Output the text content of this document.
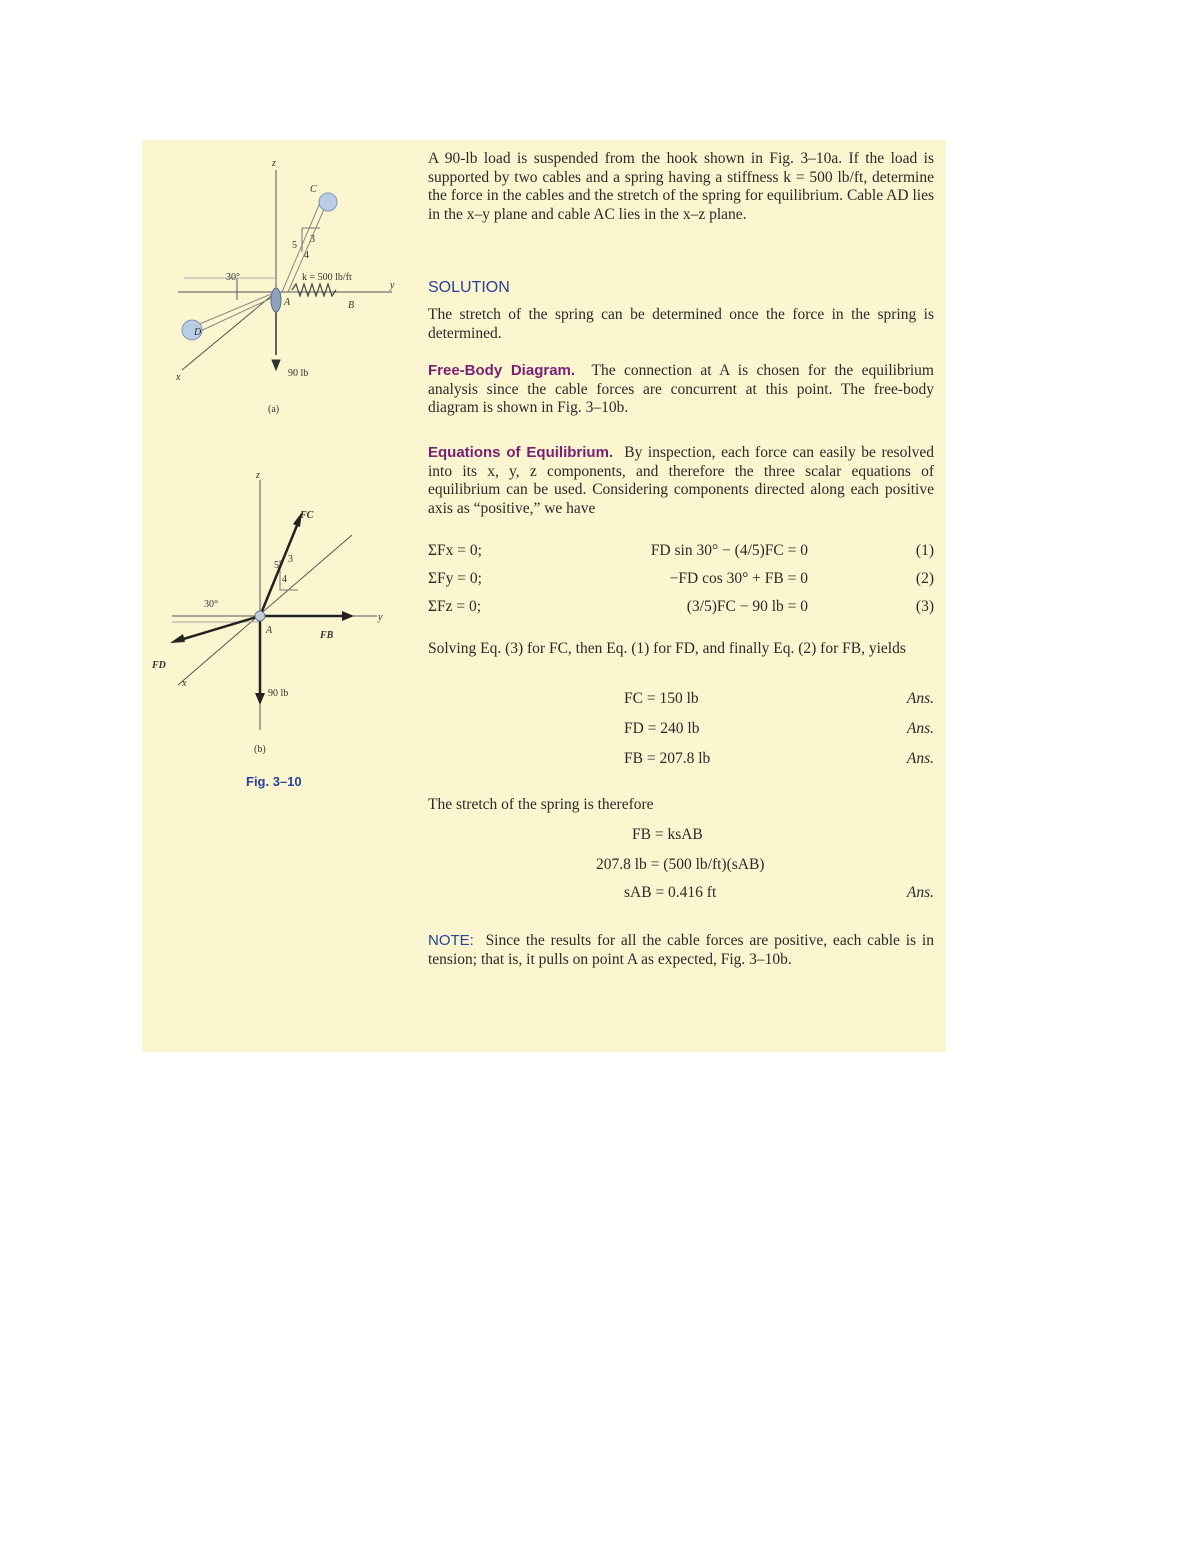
z
y
x
C
D
A	B
k = 500 lb/ft
30°
90 lb
5
3
4
(a)
z
y
x
FC
FB
FD
A
30°
90 lb
5
3
4
(b)
Fig. 3–10

A 90-lb load is suspended from the hook shown in Fig. 3–10a. If the load is supported by two cables and a spring having a stiffness k = 500 lb/ft, determine the force in the cables and the stretch of the spring for equilibrium. Cable AD lies in the x–y plane and cable AC lies in the x–z plane.

SOLUTION

The stretch of the spring can be determined once the force in the spring is determined.

Free-Body Diagram. The connection at A is chosen for the equilibrium analysis since the cable forces are concurrent at this point. The free-body diagram is shown in Fig. 3–10b.

Equations of Equilibrium. By inspection, each force can easily be resolved into its x, y, z components, and therefore the three scalar equations of equilibrium can be used. Considering components directed along each positive axis as “positive,” we have

ΣFx = 0;	FD sin 30° − (4/5)FC = 0	(1)
ΣFy = 0;	−FD cos 30° + FB = 0	(2)
ΣFz = 0;	(3/5)FC − 90 lb = 0	(3)

Solving Eq. (3) for FC, then Eq. (1) for FD, and finally Eq. (2) for FB, yields

FC = 150 lb	Ans.
FD = 240 lb	Ans.
FB = 207.8 lb	Ans.

The stretch of the spring is therefore

FB = ksAB
207.8 lb = (500 lb/ft)(sAB)
sAB = 0.416 ft	Ans.

NOTE: Since the results for all the cable forces are positive, each cable is in tension; that is, it pulls on point A as expected, Fig. 3–10b.
